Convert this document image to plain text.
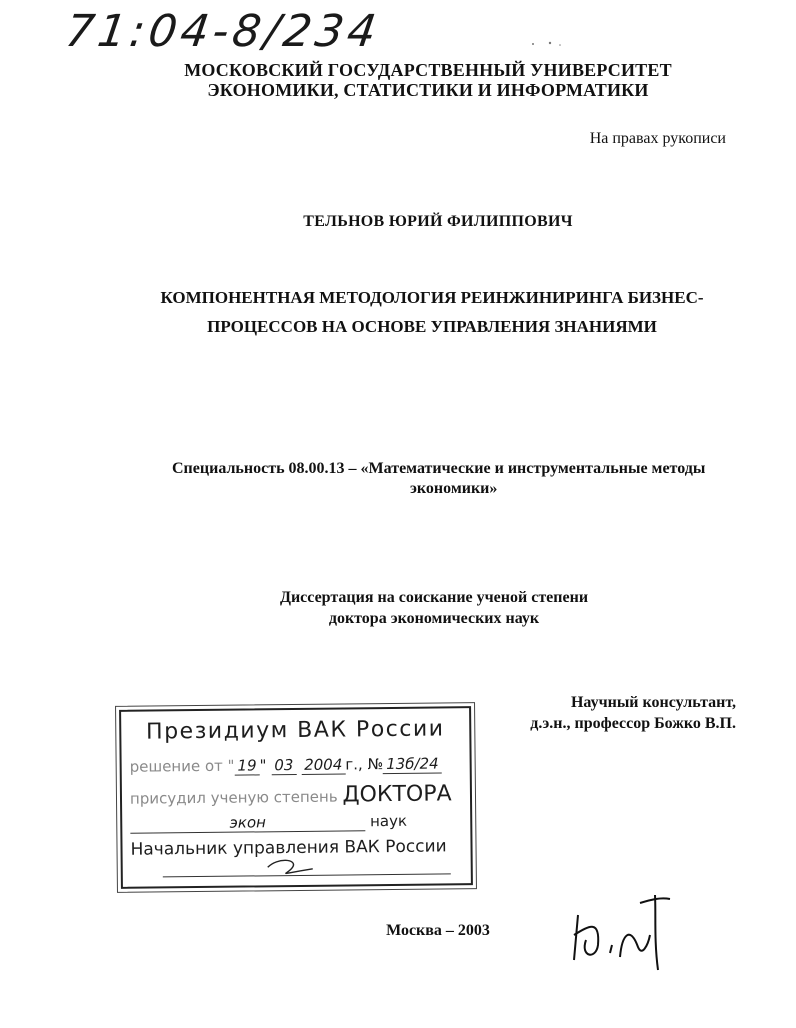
71:04-8/234
МОСКОВСКИЙ ГОСУДАРСТВЕННЫЙ УНИВЕРСИТЕТ
ЭКОНОМИКИ, СТАТИСТИКИ И ИНФОРМАТИКИ
На правах рукописи
ТЕЛЬНОВ ЮРИЙ ФИЛИППОВИЧ
КОМПОНЕНТНАЯ МЕТОДОЛОГИЯ РЕИНЖИНИРИНГА БИЗНЕС-
ПРОЦЕССОВ НА ОСНОВЕ УПРАВЛЕНИЯ ЗНАНИЯМИ
Специальность 08.00.13 – «Математические и инструментальные методы
экономики»
Диссертация на соискание ученой степени
доктора экономических наук
Научный консультант,
д.э.н., профессор Божко В.П.
Президиум ВАК России
решение от " 19 " 03 2004 г., № 13б/24
присудил ученую степень ДОКТОРА
экон	наук
Начальник управления ВАК России
Москва – 2003
